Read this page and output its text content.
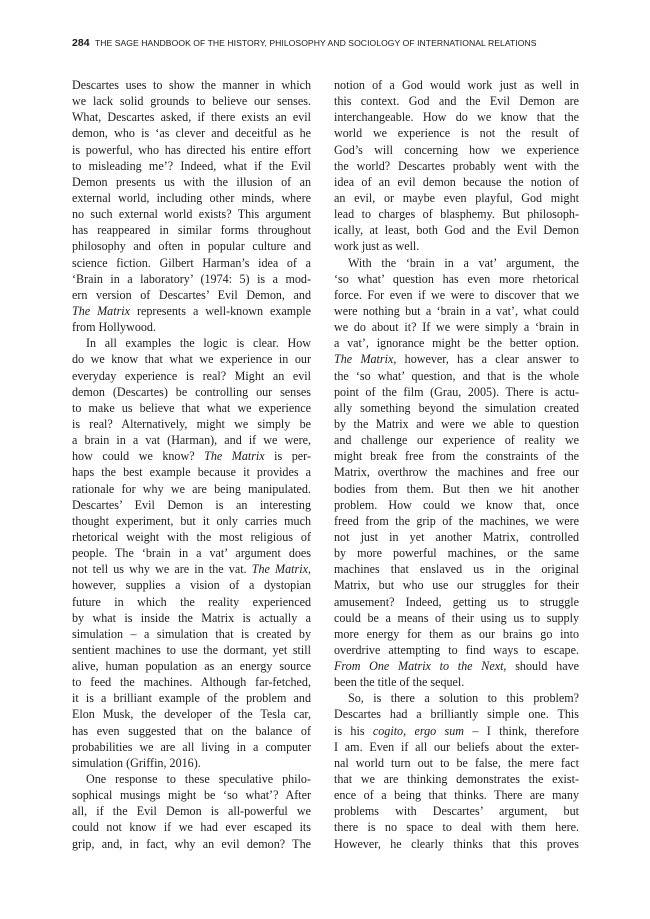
284 THE SAGE HANDBOOK OF THE HISTORY, PHILOSOPHY AND SOCIOLOGY OF INTERNATIONAL RELATIONS
Descartes uses to show the manner in which
we lack solid grounds to believe our senses.
What, Descartes asked, if there exists an evil
demon, who is ‘as clever and deceitful as he
is powerful, who has directed his entire effort
to misleading me’? Indeed, what if the Evil
Demon presents us with the illusion of an
external world, including other minds, where
no such external world exists? This argument
has reappeared in similar forms throughout
philosophy and often in popular culture and
science fiction. Gilbert Harman’s idea of a
‘Brain in a laboratory’ (1974: 5) is a mod-
ern version of Descartes’ Evil Demon, and
The Matrix represents a well-known example
from Hollywood.
In all examples the logic is clear. How
do we know that what we experience in our
everyday experience is real? Might an evil
demon (Descartes) be controlling our senses
to make us believe that what we experience
is real? Alternatively, might we simply be
a brain in a vat (Harman), and if we were,
how could we know? The Matrix is per-
haps the best example because it provides a
rationale for why we are being manipulated.
Descartes’ Evil Demon is an interesting
thought experiment, but it only carries much
rhetorical weight with the most religious of
people. The ‘brain in a vat’ argument does
not tell us why we are in the vat. The Matrix,
however, supplies a vision of a dystopian
future in which the reality experienced
by what is inside the Matrix is actually a
simulation – a simulation that is created by
sentient machines to use the dormant, yet still
alive, human population as an energy source
to feed the machines. Although far-fetched,
it is a brilliant example of the problem and
Elon Musk, the developer of the Tesla car,
has even suggested that on the balance of
probabilities we are all living in a computer
simulation (Griffin, 2016).
One response to these speculative philo-
sophical musings might be ‘so what’? After
all, if the Evil Demon is all-powerful we
could not know if we had ever escaped its
grip, and, in fact, why an evil demon? The
notion of a God would work just as well in
this context. God and the Evil Demon are
interchangeable. How do we know that the
world we experience is not the result of
God’s will concerning how we experience
the world? Descartes probably went with the
idea of an evil demon because the notion of
an evil, or maybe even playful, God might
lead to charges of blasphemy. But philosoph-
ically, at least, both God and the Evil Demon
work just as well.
With the ‘brain in a vat’ argument, the
‘so what’ question has even more rhetorical
force. For even if we were to discover that we
were nothing but a ‘brain in a vat’, what could
we do about it? If we were simply a ‘brain in
a vat’, ignorance might be the better option.
The Matrix, however, has a clear answer to
the ‘so what’ question, and that is the whole
point of the film (Grau, 2005). There is actu-
ally something beyond the simulation created
by the Matrix and were we able to question
and challenge our experience of reality we
might break free from the constraints of the
Matrix, overthrow the machines and free our
bodies from them. But then we hit another
problem. How could we know that, once
freed from the grip of the machines, we were
not just in yet another Matrix, controlled
by more powerful machines, or the same
machines that enslaved us in the original
Matrix, but who use our struggles for their
amusement? Indeed, getting us to struggle
could be a means of their using us to supply
more energy for them as our brains go into
overdrive attempting to find ways to escape.
From One Matrix to the Next, should have
been the title of the sequel.
So, is there a solution to this problem?
Descartes had a brilliantly simple one. This
is his cogito, ergo sum – I think, therefore
I am. Even if all our beliefs about the exter-
nal world turn out to be false, the mere fact
that we are thinking demonstrates the exist-
ence of a being that thinks. There are many
problems with Descartes’ argument, but
there is no space to deal with them here.
However, he clearly thinks that this proves
